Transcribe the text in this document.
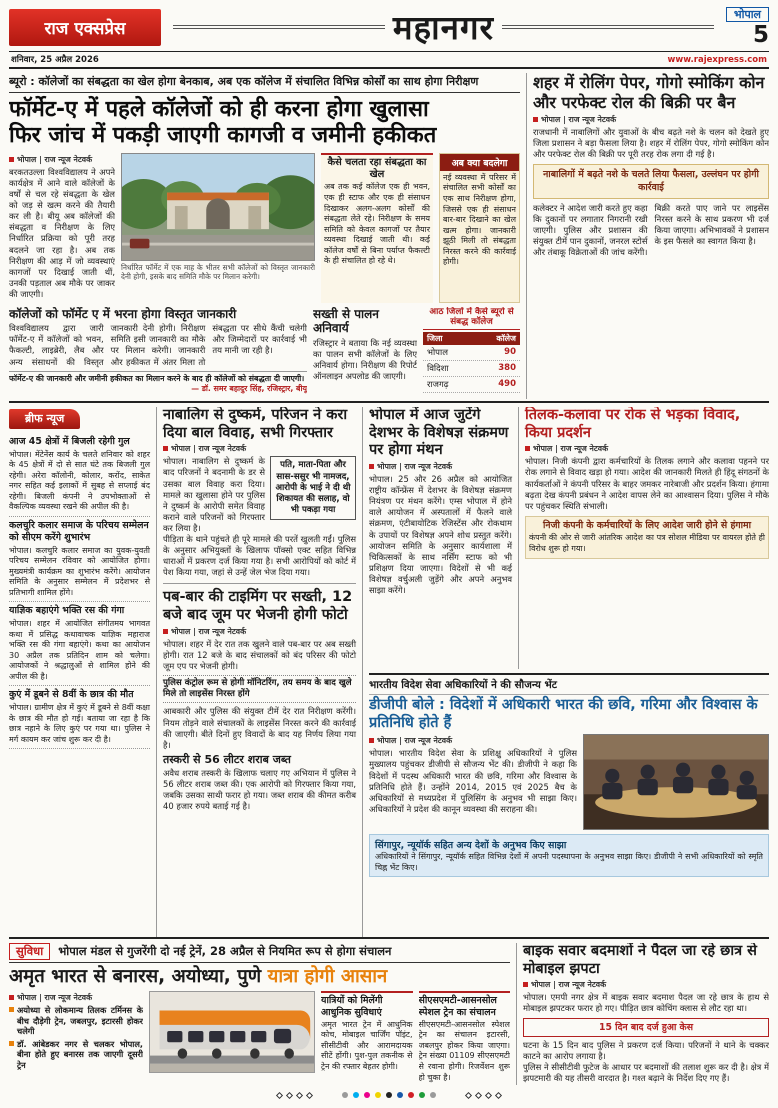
राज एक्सप्रेस	महानगर	भोपाल
5
शनिवार, 25 अप्रैल 2026	www.rajexpress.com
ब्यूरो : कॉलेजों का संबद्धता का खेल होगा बेनकाब, अब एक कॉलेज में संचालित विभिन्न कोर्सों का साथ होगा निरीक्षण
फॉर्मेट-ए में पहले कॉलेजों को ही करना होगा खुलासा
फिर जांच में पकड़ी जाएगी कागजी व जमीनी हकीकत
भोपाल | राज न्यूज नेटवर्क

बरकतउल्ला विश्वविद्यालय ने अपने कार्यक्षेत्र में आने वाले कॉलेजों के वर्षों से चल रहे संबद्धता के खेल को जड़ से खत्म करने की तैयारी कर ली है। बीयू अब कॉलेजों की संबद्धता व निरीक्षण के लिए निर्धारित प्रक्रिया को पूरी तरह बदलने जा रहा है। अब तक निरीक्षण की आड़ में जो व्यवस्थाएं कागजों पर दिखाई जाती थीं, उनकी पड़ताल अब मौके पर जाकर की जाएगी।

निर्धारित फॉर्मेट में एक माह के भीतर सभी कॉलेजों को विस्तृत जानकारी देनी होगी, इसके बाद समिति मौके पर मिलान करेगी।
कैसे चलता रहा संबद्धता का खेल

अब तक कई कॉलेज एक ही भवन, एक ही स्टाफ और एक ही संसाधन दिखाकर अलग-अलग कोर्सों की संबद्धता लेते रहे। निरीक्षण के समय समिति को केवल कागजों पर तैयार व्यवस्था दिखाई जाती थी। कई कॉलेज वर्षों से बिना पर्याप्त फैकल्टी के ही संचालित हो रहे थे।

अब क्या बदलेगा

नई व्यवस्था में परिसर में संचालित सभी कोर्सों का एक साथ निरीक्षण होगा, जिससे एक ही संसाधन बार-बार दिखाने का खेल खत्म होगा। जानकारी झूठी मिली तो संबद्धता निरस्त करने की कार्रवाई होगी।

कॉलेजों को फॉर्मेट ए में भरना होगा विस्तृत जानकारी

विश्वविद्यालय द्वारा जारी फॉर्मेट-ए में कॉलेजों को भवन, फैकल्टी, लाइब्रेरी, लैब और अन्य संसाधनों की विस्तृत जानकारी देनी होगी। निरीक्षण समिति इसी जानकारी का मौके पर मिलान करेगी। जानकारी और हकीकत में अंतर मिला तो संबद्धता पर सीधे कैंची चलेगी और जिम्मेदारों पर कार्रवाई भी तय मानी जा रही है।

फॉर्मेट-ए की जानकारी और जमीनी हकीकत का मिलान करने के बाद ही कॉलेजों को संबद्धता दी जाएगी।
— डॉ. समर बहादुर सिंह, रजिस्ट्रार, बीयू
सख्ती से पालन अनिवार्य

रजिस्ट्रार ने बताया कि नई व्यवस्था का पालन सभी कॉलेजों के लिए अनिवार्य होगा। निरीक्षण की रिपोर्ट ऑनलाइन अपलोड की जाएगी।

आठ जिलों में कैसे ब्यूरो से संबद्ध कॉलेज
जिला	कॉलेज
भोपाल	90
विदिशा	380
राजगढ़	490
शहर में रोलिंग पेपर, गोगो स्मोकिंग कोन और परफेक्ट रोल की बिक्री पर बैन
भोपाल | राज न्यूज नेटवर्क

राजधानी में नाबालिगों और युवाओं के बीच बढ़ते नशे के चलन को देखते हुए जिला प्रशासन ने बड़ा फैसला लिया है। शहर में रोलिंग पेपर, गोगो स्मोकिंग कोन और परफेक्ट रोल की बिक्री पर पूरी तरह रोक लगा दी गई है।

नाबालिगों में बढ़ते नशे के चलते लिया फैसला, उल्लंघन पर होगी कार्रवाई

कलेक्टर ने आदेश जारी करते हुए कहा कि दुकानों पर लगातार निगरानी रखी जाएगी। पुलिस और प्रशासन की संयुक्त टीमें पान दुकानों, जनरल स्टोर्स और तंबाकू विक्रेताओं की जांच करेंगी। बिक्री करते पाए जाने पर लाइसेंस निरस्त करने के साथ प्रकरण भी दर्ज किया जाएगा। अभिभावकों ने प्रशासन के इस फैसले का स्वागत किया है।

ब्रीफ न्यूज
आज 45 क्षेत्रों में बिजली रहेगी गुल

भोपाल। मेंटेनेंस कार्य के चलते शनिवार को शहर के 45 क्षेत्रों में दो से सात घंटे तक बिजली गुल रहेगी। अरेरा कॉलोनी, कोलार, करोंद, साकेत नगर सहित कई इलाकों में सुबह से सप्लाई बंद रहेगी। बिजली कंपनी ने उपभोक्ताओं से वैकल्पिक व्यवस्था रखने की अपील की है।

कलचुरि कलार समाज के परिचय सम्मेलन को सीएम करेंगे शुभारंभ

भोपाल। कलचुरि कलार समाज का युवक-युवती परिचय सम्मेलन रविवार को आयोजित होगा। मुख्यमंत्री कार्यक्रम का शुभारंभ करेंगे। आयोजन समिति के अनुसार सम्मेलन में प्रदेशभर से प्रतिभागी शामिल होंगे।

याज्ञिक बहाएंगे भक्ति रस की गंगा

भोपाल। शहर में आयोजित संगीतमय भागवत कथा में प्रसिद्ध कथावाचक याज्ञिक महाराज भक्ति रस की गंगा बहाएंगे। कथा का आयोजन 30 अप्रैल तक प्रतिदिन शाम को चलेगा। आयोजकों ने श्रद्धालुओं से शामिल होने की अपील की है।

कुएं में डूबने से 8वीं के छात्र की मौत

भोपाल। ग्रामीण क्षेत्र में कुएं में डूबने से 8वीं कक्षा के छात्र की मौत हो गई। बताया जा रहा है कि छात्र नहाने के लिए कुएं पर गया था। पुलिस ने मर्ग कायम कर जांच शुरू कर दी है।

नाबालिग से दुष्कर्म, परिजन ने करा दिया बाल विवाह, सभी गिरफ्तार
भोपाल | राज न्यूज नेटवर्क

भोपाल। नाबालिग से दुष्कर्म के बाद परिजनों ने बदनामी के डर से उसका बाल विवाह करा दिया। मामले का खुलासा होने पर पुलिस ने दुष्कर्म के आरोपी समेत विवाह कराने वाले परिजनों को गिरफ्तार कर लिया है।

पति, माता-पिता और सास-ससुर भी नामजद, आरोपी के भाई ने दी थी शिकायत की सलाह, वो भी पकड़ा गया

पीड़िता के थाने पहुंचते ही पूरे मामले की परतें खुलती गईं। पुलिस के अनुसार अभियुक्तों के खिलाफ पॉक्सो एक्ट सहित विभिन्न धाराओं में प्रकरण दर्ज किया गया है। सभी आरोपियों को कोर्ट में पेश किया गया, जहां से उन्हें जेल भेज दिया गया।

पब-बार की टाइमिंग पर सख्ती, 12 बजे बाद जूम पर भेजनी होगी फोटो
भोपाल | राज न्यूज नेटवर्क

भोपाल। शहर में देर रात तक खुलने वाले पब-बार पर अब सख्ती होगी। रात 12 बजे के बाद संचालकों को बंद परिसर की फोटो जूम एप पर भेजनी होगी।

पुलिस कंट्रोल रूम से होगी मॉनिटरिंग, तय समय के बाद खुले मिले तो लाइसेंस निरस्त होंगे

आबकारी और पुलिस की संयुक्त टीमें देर रात निरीक्षण करेंगी। नियम तोड़ने वाले संचालकों के लाइसेंस निरस्त करने की कार्रवाई की जाएगी। बीते दिनों हुए विवादों के बाद यह निर्णय लिया गया है।

तस्करी से 56 लीटर शराब जब्त

अवैध शराब तस्करी के खिलाफ चलाए गए अभियान में पुलिस ने 56 लीटर शराब जब्त की। एक आरोपी को गिरफ्तार किया गया, जबकि उसका साथी फरार हो गया। जब्त शराब की कीमत करीब 40 हजार रुपये बताई गई है।

भोपाल में आज जुटेंगे देशभर के विशेषज्ञ संक्रमण पर होगा मंथन
भोपाल | राज न्यूज नेटवर्क

भोपाल। 25 और 26 अप्रैल को आयोजित राष्ट्रीय कॉन्फ्रेंस में देशभर के विशेषज्ञ संक्रमण नियंत्रण पर मंथन करेंगे। एम्स भोपाल में होने वाले आयोजन में अस्पतालों में फैलने वाले संक्रमण, एंटीबायोटिक रेजिस्टेंस और रोकथाम के उपायों पर विशेषज्ञ अपने शोध प्रस्तुत करेंगे। आयोजन समिति के अनुसार कार्यशाला में चिकित्सकों के साथ नर्सिंग स्टाफ को भी प्रशिक्षण दिया जाएगा। विदेशों से भी कई विशेषज्ञ वर्चुअली जुड़ेंगे और अपने अनुभव साझा करेंगे।

तिलक-कलावा पर रोक से भड़का विवाद, किया प्रदर्शन
भोपाल | राज न्यूज नेटवर्क

भोपाल। निजी कंपनी द्वारा कर्मचारियों के तिलक लगाने और कलावा पहनने पर रोक लगाने से विवाद खड़ा हो गया। आदेश की जानकारी मिलते ही हिंदू संगठनों के कार्यकर्ताओं ने कंपनी परिसर के बाहर जमकर नारेबाजी और प्रदर्शन किया। हंगामा बढ़ता देख कंपनी प्रबंधन ने आदेश वापस लेने का आश्वासन दिया। पुलिस ने मौके पर पहुंचकर स्थिति संभाली।

निजी कंपनी के कर्मचारियों के लिए आदेश जारी होने से हंगामा

कंपनी की ओर से जारी आंतरिक आदेश का पत्र सोशल मीडिया पर वायरल होते ही विरोध शुरू हो गया।

भारतीय विदेश सेवा अधिकारियों ने की सौजन्य भेंट
डीजीपी बोले : विदेशों में अधिकारी भारत की छवि, गरिमा और विश्वास के प्रतिनिधि होते हैं
भोपाल | राज न्यूज नेटवर्क

भोपाल। भारतीय विदेश सेवा के प्रशिक्षु अधिकारियों ने पुलिस मुख्यालय पहुंचकर डीजीपी से सौजन्य भेंट की। डीजीपी ने कहा कि विदेशों में पदस्थ अधिकारी भारत की छवि, गरिमा और विश्वास के प्रतिनिधि होते हैं। उन्होंने 2014, 2015 एवं 2025 बैच के अधिकारियों से मध्यप्रदेश में पुलिसिंग के अनुभव भी साझा किए। अधिकारियों ने प्रदेश की कानून व्यवस्था की सराहना की।

सिंगापुर, न्यूयॉर्क सहित अन्य देशों के अनुभव किए साझा

अधिकारियों ने सिंगापुर, न्यूयॉर्क सहित विभिन्न देशों में अपनी पदस्थापना के अनुभव साझा किए। डीजीपी ने सभी अधिकारियों को स्मृति चिह्न भेंट किए।

सुविधा	भोपाल मंडल से गुजरेंगी दो नई ट्रेनें, 28 अप्रैल से नियमित रूप से होगा संचालन
अमृत भारत से बनारस, अयोध्या, पुणे यात्रा होगी आसान
भोपाल | राज न्यूज नेटवर्क
अयोध्या से लोकमान्य तिलक टर्मिनस के बीच दौड़ेगी ट्रेन, जबलपुर, इटारसी होकर चलेगी
डॉ. आंबेडकर नगर से चलकर भोपाल, बीना होते हुए बनारस तक जाएगी दूसरी ट्रेन
यात्रियों को मिलेंगी आधुनिक सुविधाएं

अमृत भारत ट्रेन में आधुनिक कोच, मोबाइल चार्जिंग पॉइंट, सीसीटीवी और आरामदायक सीटें होंगी। पुश-पुल तकनीक से ट्रेन की रफ्तार बेहतर होगी।

सीएसएमटी-आसनसोल स्पेशल ट्रेन का संचालन

सीएसएमटी-आसनसोल स्पेशल ट्रेन का संचालन इटारसी, जबलपुर होकर किया जाएगा। ट्रेन संख्या 01109 सीएसएमटी से रवाना होगी। रिजर्वेशन शुरू हो चुका है।

बाइक सवार बदमाशों ने पैदल जा रहे छात्र से मोबाइल झपटा
भोपाल | राज न्यूज नेटवर्क

भोपाल। एमपी नगर क्षेत्र में बाइक सवार बदमाश पैदल जा रहे छात्र के हाथ से मोबाइल झपटकर फरार हो गए। पीड़ित छात्र कोचिंग क्लास से लौट रहा था।

15 दिन बाद दर्ज हुआ केस

घटना के 15 दिन बाद पुलिस ने प्रकरण दर्ज किया। परिजनों ने थाने के चक्कर काटने का आरोप लगाया है।

पुलिस ने सीसीटीवी फुटेज के आधार पर बदमाशों की तलाश शुरू कर दी है। क्षेत्र में झपटमारी की यह तीसरी वारदात है। गश्त बढ़ाने के निर्देश दिए गए हैं।
